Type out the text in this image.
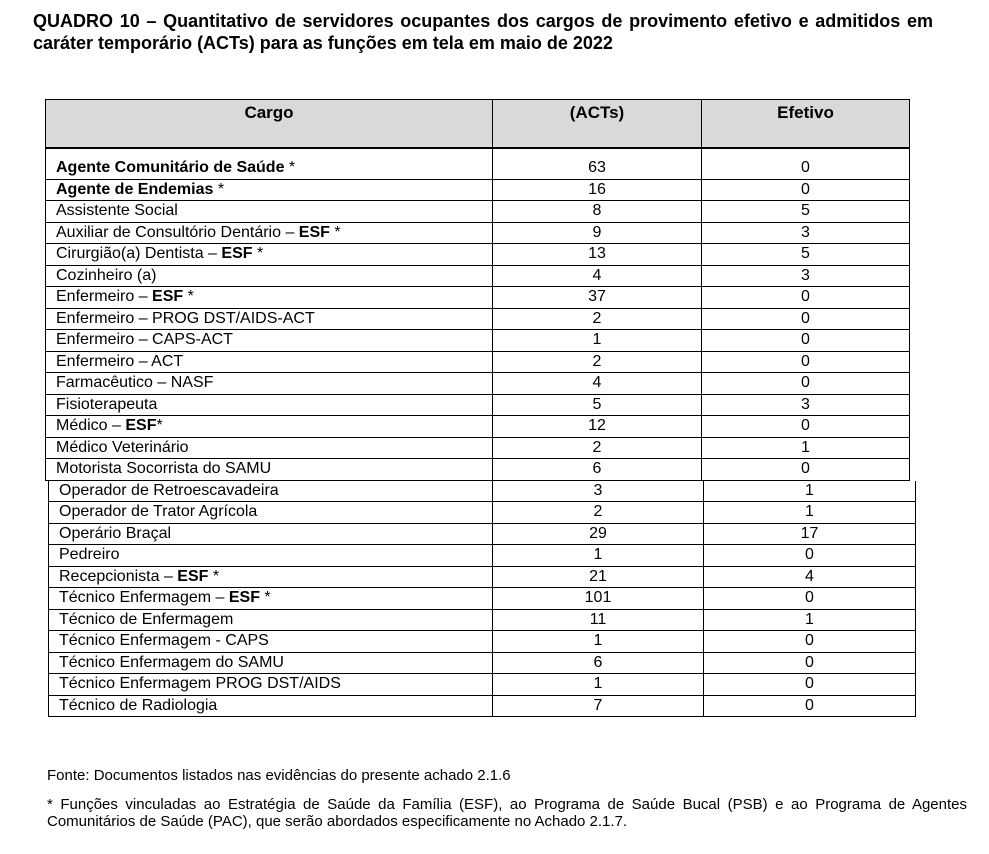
QUADRO 10 – Quantitativo de servidores ocupantes dos cargos de provimento efetivo e admitidos em caráter temporário (ACTs) para as funções em tela em maio de 2022
Cargo	(ACTs)	Efetivo

Agente Comunitário de Saúde *	63	0
Agente de Endemias *	16	0
Assistente Social	8	5
Auxiliar de Consultório Dentário – ESF *	9	3
Cirurgião(a) Dentista – ESF *	13	5
Cozinheiro (a)	4	3
Enfermeiro – ESF *	37	0
Enfermeiro – PROG DST/AIDS-ACT	2	0
Enfermeiro – CAPS-ACT	1	0
Enfermeiro – ACT	2	0
Farmacêutico – NASF	4	0
Fisioterapeuta	5	3
Médico – ESF*	12	0
Médico Veterinário	2	1
Motorista Socorrista do SAMU	6	0
Operador de Retroescavadeira	3	1
Operador de Trator Agrícola	2	1
Operário Braçal	29	17
Pedreiro	1	0
Recepcionista – ESF *	21	4
Técnico Enfermagem – ESF *	101	0
Técnico de Enfermagem	11	1
Técnico Enfermagem - CAPS	1	0
Técnico Enfermagem do SAMU	6	0
Técnico Enfermagem PROG DST/AIDS	1	0
Técnico de Radiologia	7	0
Fonte: Documentos listados nas evidências do presente achado 2.1.6
* Funções vinculadas ao Estratégia de Saúde da Família (ESF), ao Programa de Saúde Bucal (PSB) e ao Programa de Agentes Comunitários de Saúde (PAC), que serão abordados especificamente no Achado 2.1.7.
